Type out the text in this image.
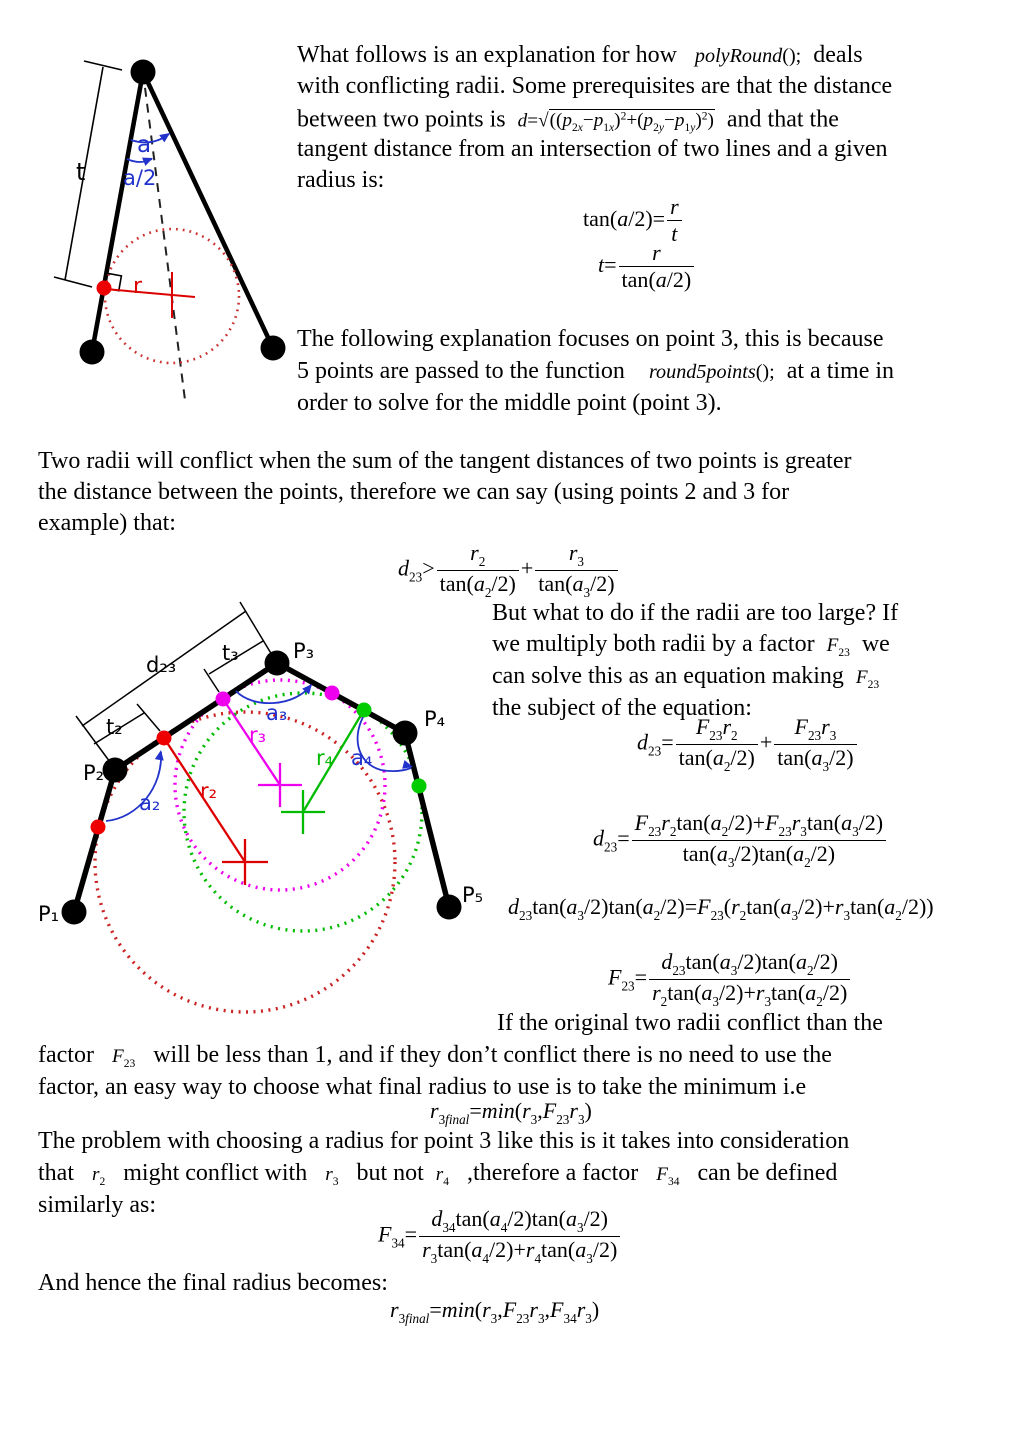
t
a
a/2
r
d₂₃ t₃
t₂
P₁
P₂
P₃
P₄
P₅
a₂
a₃
a₄
r₂
r₃
r₄
What follows is an explanation for how   polyRound();  deals
with conflicting radii. Some prerequisites are that the distance
between two points is  $d=√((p_{2x}-p_{1x})^2+(p_{2y}-p_{1y})^2)$  and that the
tangent distance from an intersection of two lines and a given
radius is:
$\tan(a/2)= \frac{r}{t}$
$t= \frac{r}{\tan(a/2)}$
The following explanation focuses on point 3, this is because
5 points are passed to the function    round5points();  at a time in
order to solve for the middle point (point 3).
Two radii will conflict when the sum of the tangent distances of two points is greater
the distance between the points, therefore we can say (using points 2 and 3 for
example) that:
$d_{23}> \frac{r_2}{\tan(a_2/2)} + \frac{r_3}{\tan(a_3/2)}$
But what to do if the radii are too large? If
we multiply both radii by a factor  $F_{23}$  we
can solve this as an equation making  $F_{23}$
the subject of the equation:
$d_{23}= \frac{F_{23}r_2}{\tan(a_2/2)} + \frac{F_{23}r_3}{\tan(a_3/2)}$
$d_{23}= \frac{F_{23}r_2\tan(a_2/2)+F_{23}r_3\tan(a_3/2)}{\tan(a_3/2)\tan(a_2/2)}$
$d_{23}\tan(a_3/2)\tan(a_2/2)=F_{23}(r_2\tan(a_3/2)+r_3\tan(a_2/2))$
$F_{23}= \frac{d_{23}\tan(a_3/2)\tan(a_2/2)}{r_2\tan(a_3/2)+r_3\tan(a_2/2)}$
If the original two radii conflict than the
factor   $F_{23}$   will be less than 1, and if they don’t conflict there is no need to use the
factor, an easy way to choose what final radius to use is to take the minimum i.e
$r_{3final}=\min(r_3,F_{23}r_3)$
The problem with choosing a radius for point 3 like this is it takes into consideration
that   $r_2$   might conflict with   $r_3$   but not  $r_4$   ,therefore a factor   $F_{34}$   can be defined
similarly as:
$F_{34}= \frac{d_{34}\tan(a_4/2)\tan(a_3/2)}{r_3\tan(a_4/2)+r_4\tan(a_3/2)}$
And hence the final radius becomes:
$r_{3final}=\min(r_3,F_{23}r_3,F_{34}r_3)$
